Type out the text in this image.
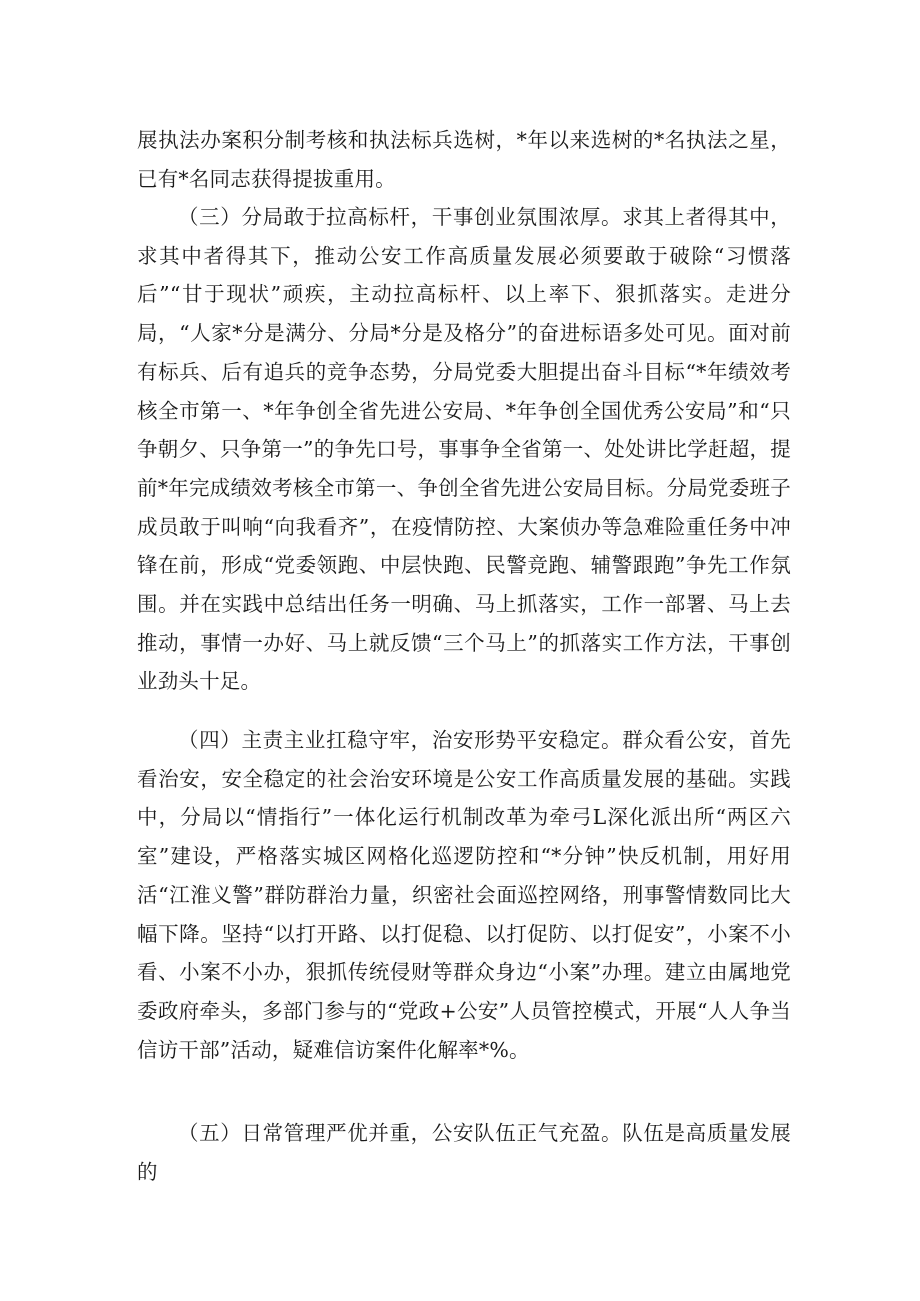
展执法办案积分制考核和执法标兵选树，*年以来选树的*名执法之星，已有*名同志获得提拔重用。

（三）分局敢于拉高标杆，干事创业氛围浓厚。求其上者得其中，求其中者得其下，推动公安工作高质量发展必须要敢于破除“习惯落后”“甘于现状”顽疾，主动拉高标杆、以上率下、狠抓落实。走进分局，“人家*分是满分、分局*分是及格分”的奋进标语多处可见。面对前有标兵、后有追兵的竞争态势，分局党委大胆提出奋斗目标“*年绩效考核全市第一、*年争创全省先进公安局、*年争创全国优秀公安局”和“只争朝夕、只争第一”的争先口号，事事争全省第一、处处讲比学赶超，提前*年完成绩效考核全市第一、争创全省先进公安局目标。分局党委班子成员敢于叫响“向我看齐”，在疫情防控、大案侦办等急难险重任务中冲锋在前，形成“党委领跑、中层快跑、民警竞跑、辅警跟跑”争先工作氛围。并在实践中总结出任务一明确、马上抓落实，工作一部署、马上去推动，事情一办好、马上就反馈“三个马上”的抓落实工作方法，干事创业劲头十足。

（四）主责主业扛稳守牢，治安形势平安稳定。群众看公安，首先看治安，安全稳定的社会治安环境是公安工作高质量发展的基础。实践中，分局以“情指行”一体化运行机制改革为牵弓L深化派出所“两区六室”建设，严格落实城区网格化巡逻防控和“*分钟”快反机制，用好用活“江淮义警”群防群治力量，织密社会面巡控网络，刑事警情数同比大幅下降。坚持“以打开路、以打促稳、以打促防、以打促安”，小案不小看、小案不小办，狠抓传统侵财等群众身边“小案”办理。建立由属地党委政府牵头，多部门参与的“党政+公安”人员管控模式，开展“人人争当信访干部”活动，疑难信访案件化解率*%。

（五）日常管理严优并重，公安队伍正气充盈。队伍是高质量发展的
